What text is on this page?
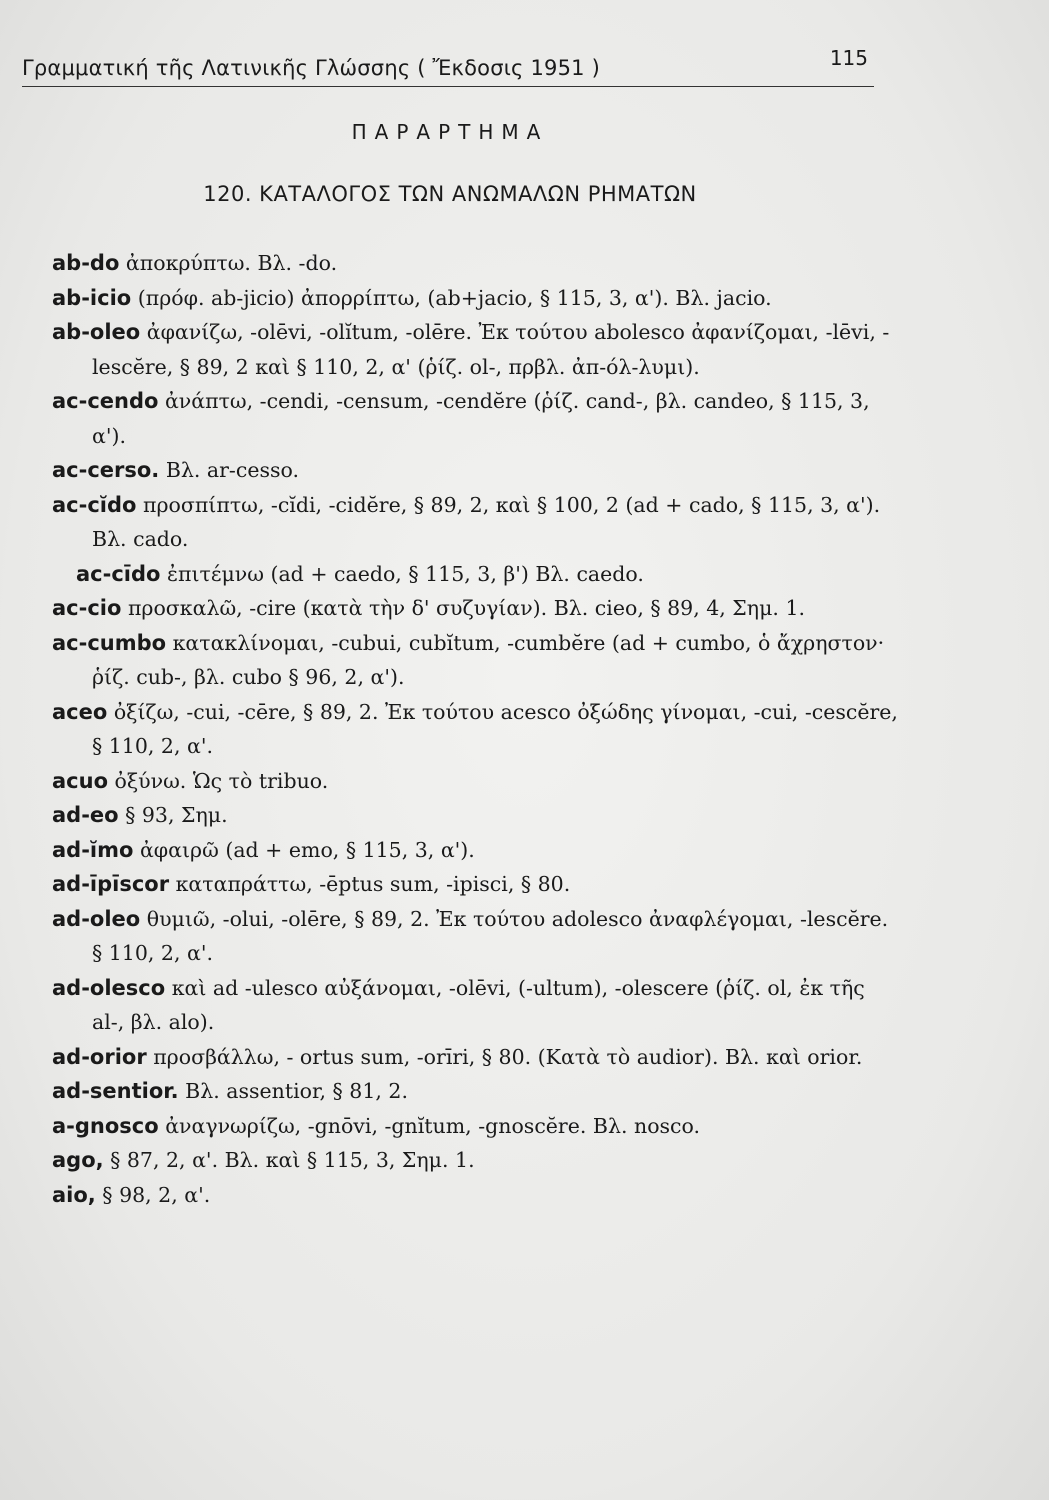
Γραμματική τῆς Λατινικῆς Γλώσσης ( Ἔκδοσις 1951 )	115
ΠΑΡΑΡΤΗΜΑ
120. ΚΑΤΑΛΟΓΟΣ ΤΩΝ ΑΝΩΜΑΛΩΝ ΡΗΜΑΤΩΝ

ab-do ἀποκρύπτω. Βλ. -do.

ab-icio (πρόφ. ab-jicio) ἀπορρίπτω, (ab+jacio, § 115, 3, α'). Βλ. jacio.

ab-oleo ἀφανίζω, -olēvi, -olĭtum, -olēre. Ἐκ τούτου abolesco ἀφανίζομαι, -lēvi, -lescĕre, § 89, 2 καὶ § 110, 2, α' (ῥίζ. ol-, πρβλ. ἀπ-όλ-λυμι).

ac-cendo ἀνάπτω, -cendi, -censum, -cendĕre (ῥίζ. cand-, βλ. candeo, § 115, 3, α').

ac-cerso. Βλ. ar-cesso.

ac-cĭdo προσπίπτω, -cĭdi, -cidĕre, § 89, 2, καὶ § 100, 2 (ad + cado, § 115, 3, α'). Βλ. cado.

ac-cīdo ἐπιτέμνω (ad + caedo, § 115, 3, β') Βλ. caedo.

ac-cio προσκαλῶ, -cire (κατὰ τὴν δ' συζυγίαν). Βλ. cieo, § 89, 4, Σημ. 1.

ac-cumbo κατακλίνομαι, -cubui, cubĭtum, -cumbĕre (ad + cumbo, ὁ ἄχρηστον· ῥίζ. cub-, βλ. cubo § 96, 2, α').

aceo ὀξίζω, -cui, -cēre, § 89, 2. Ἐκ τούτου acesco ὀξώδης γίνομαι, -cui, -cescĕre, § 110, 2, α'.

acuo ὀξύνω. Ὡς τὸ tribuo.

ad-eo § 93, Σημ.

ad-ĭmo ἀφαιρῶ (ad + emo, § 115, 3, α').

ad-īpīscor καταπράττω, -ēptus sum, -ipisci, § 80.

ad-oleo θυμιῶ, -olui, -olēre, § 89, 2. Ἐκ τούτου adolesco ἀναφλέγομαι, -lescĕre. § 110, 2, α'.

ad-olesco καὶ ad -ulesco αὐξάνομαι, -olēvi, (-ultum), -olescere (ῥίζ. ol, ἐκ τῆς al-, βλ. alo).

ad-orior προσβάλλω, - ortus sum, -orīri, § 80. (Κατὰ τὸ audior). Βλ. καὶ orior.

ad-sentior. Βλ. assentior, § 81, 2.

a-gnosco ἀναγνωρίζω, -gnōvi, -gnĭtum, -gnoscĕre. Βλ. nosco.

ago, § 87, 2, α'. Βλ. καὶ § 115, 3, Σημ. 1.

aio, § 98, 2, α'.
